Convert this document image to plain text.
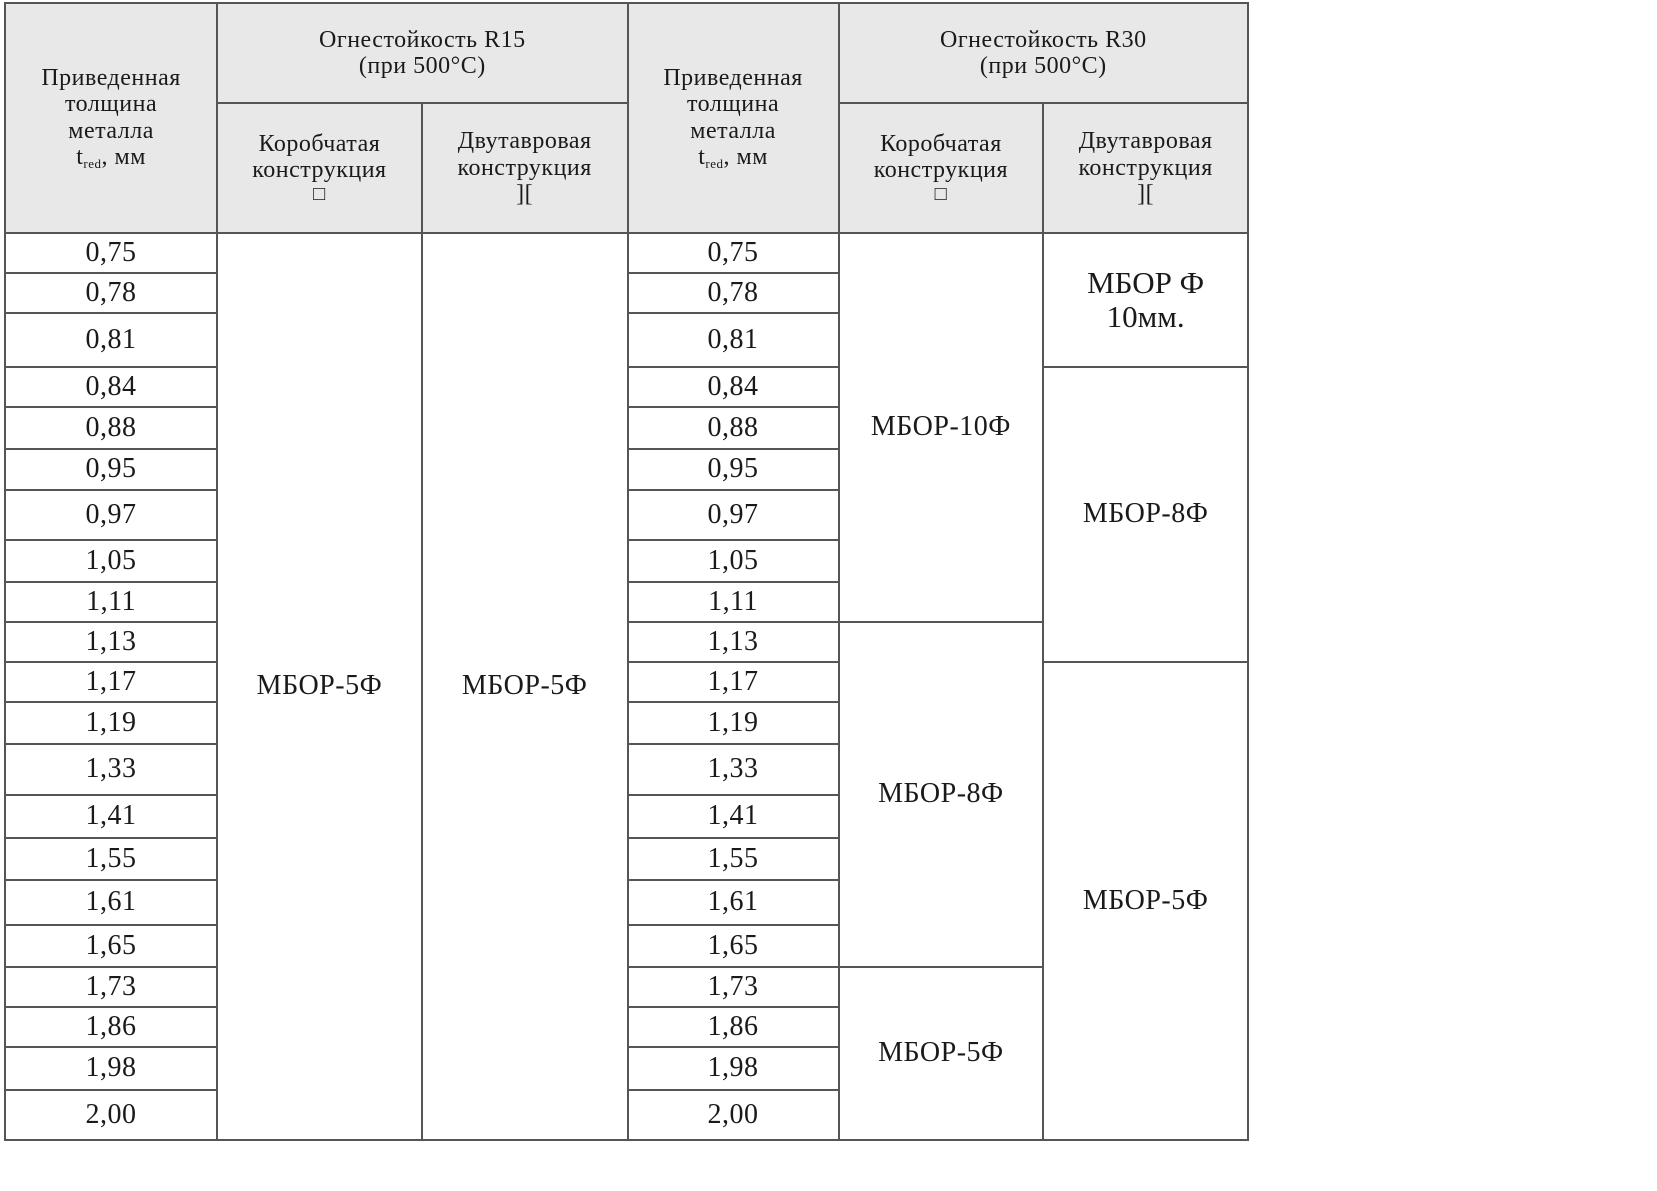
Приведенная
толщина
металла
$t_{red}$, мм	Огнестойкость R15
(при 500°С)		Приведенная
толщина
металла
$t_{red}$, мм	Огнестойкость R30
(при 500°С)	

	Коробчатая
конструкция
□	Двутавровая
конструкция
][		Коробчатая
конструкция
□	Двутавровая
конструкция
][

0,75	МБОР-5Ф	МБОР-5Ф	0,75	МБОР-10Ф	МБОР Ф
10мм.

0,78			0,78		
0,81			0,81		
0,84			0,84		МБОР-8Ф
0,88			0,88		
0,95			0,95		
0,97			0,97		
1,05			1,05		
1,11			1,11		
1,13			1,13	МБОР-8Ф	
1,17			1,17		МБОР-5Ф
1,19			1,19		
1,33			1,33		
1,41			1,41		
1,55			1,55		
1,61			1,61		
1,65			1,65		
1,73			1,73	МБОР-5Ф	
1,86			1,86		
1,98			1,98		
2,00			2,00		
